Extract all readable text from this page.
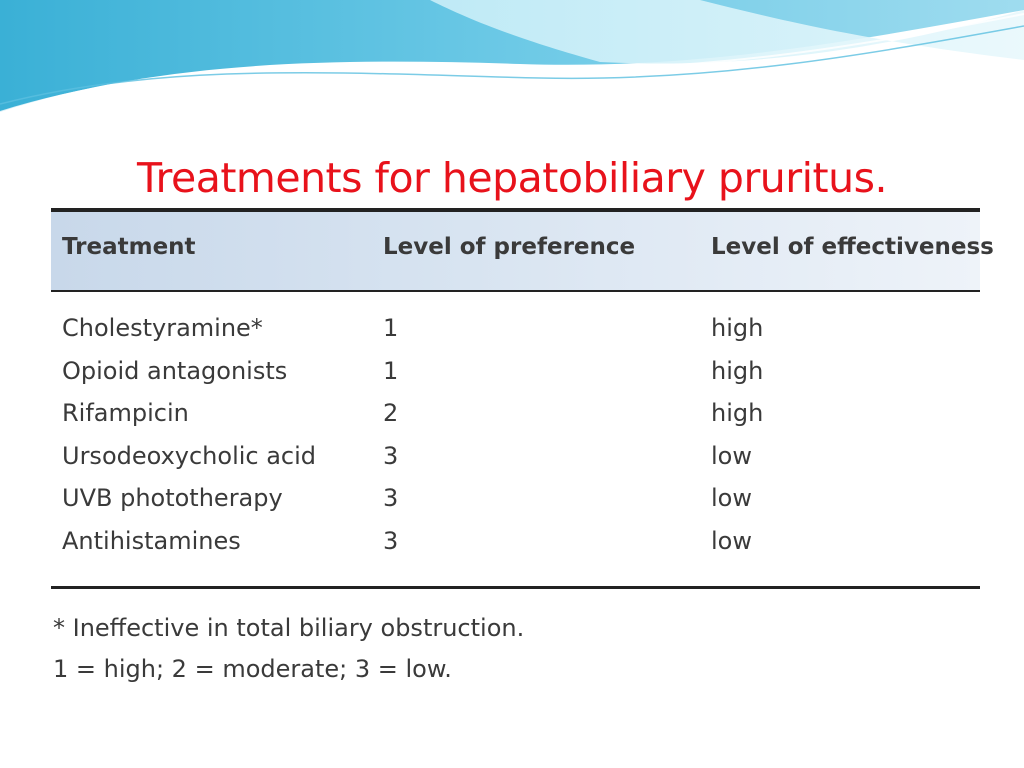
Treatments for hepatobiliary pruritus.
Treatment	Level of preference	Level of effectiveness
Cholestyramine*	1	high
Opioid antagonists	1	high
Rifampicin	2	high
Ursodeoxycholic acid	3	low
UVB phototherapy	3	low
Antihistamines	3	low
* Ineffective in total biliary obstruction.
1 = high; 2 = moderate; 3 = low.
